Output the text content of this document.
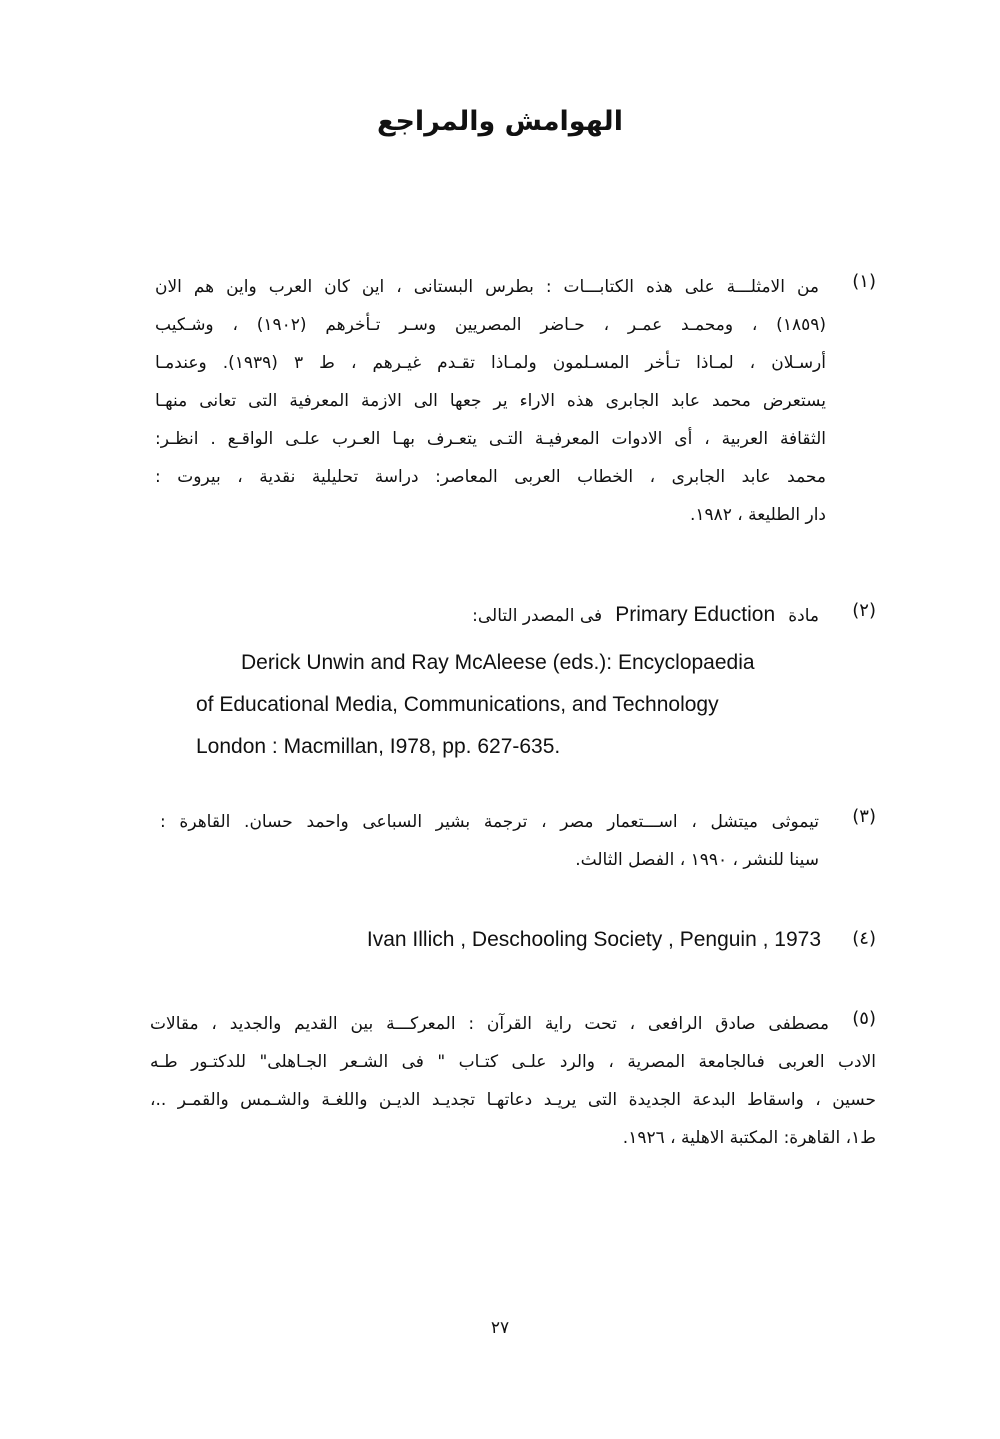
الهوامش والمراجع
(١)
من الامثلـــة على هذه الكتابـــات : بطرس البستانى ، اين كان العرب واين هم الان
(١٨٥٩) ، ومحمـد عمـر ، حـاضر المصريين وسـر تـأخرهم (١٩٠٢) ، وشـكيب
أرسـلان ، لمـاذا تـأخر المسـلمون ولمـاذا تقـدم غيـرهم ، ط ٣ (١٩٣٩). وعندمـا
يستعرض محمد عابد الجابرى هذه الاراء ير جعها الى الازمة المعرفية التى تعانى منهـا
الثقافة العربية ، أى الادوات المعرفيـة التـى يتعـرف بهـا العـرب علـى الواقـع . انظـر:
محمد عابد الجابرى ، الخطاب العربى المعاصر: دراسة تحليلية نقدية ، بيروت :
دار الطليعة ، ١٩٨٢.
(٢)
مادة Primary Eduction فى المصدر التالى:
Derick Unwin and Ray McAleese (eds.): Encyclopaedia
of Educational Media, Communications, and Technology
London : Macmillan, I978, pp. 627-635.
(٣)
تيموثى ميتشل ، اســـتعمار مصر ، ترجمة بشير السباعى واحمد حسان. القاهرة :
سينا للنشر ، ١٩٩٠ ، الفصل الثالث.
(٤)
Ivan Illich , Deschooling Society , Penguin , 1973
(٥)
مصطفى صادق الرافعى ، تحت راية القرآن : المعركـــة بين القديم والجديد ، مقالات
الادب العربى فىالجامعة المصرية ، والرد علـى كتـاب " فى الشـعر الجـاهلى" للدكتـور طـه
حسين ، واسقاط البدعة الجديدة التى يريـد دعاتهـا تجديـد الديـن واللغـة والشـمس والقمـر ..،
ط١، القاهرة: المكتبة الاهلية ، ١٩٢٦.
٢٧
